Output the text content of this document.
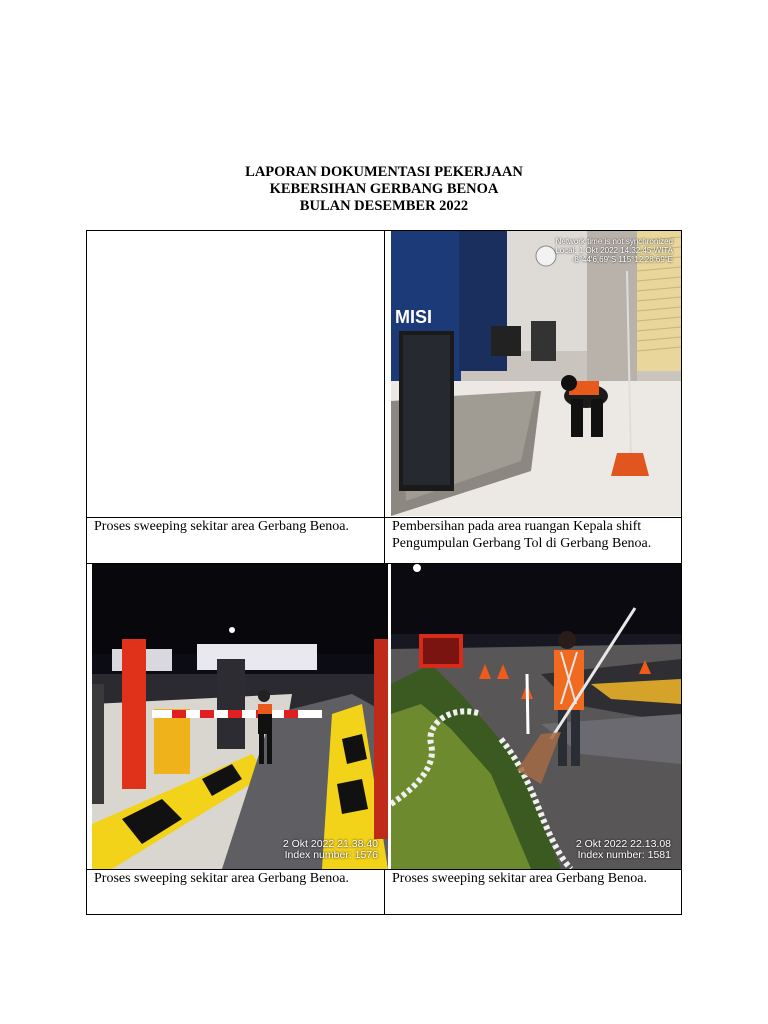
LAPORAN DOKUMENTASI PEKERJAAN
KEBERSIHAN GERBANG BENOA
BULAN DESEMBER 2022
Network time is not synchronized
Local: 1 Okt 2022 14.32.45 WITA
-8°44'6,69"S 115°12'28,69"E
MISI
Proses sweeping sekitar area Gerbang Benoa.	Pembersihan pada area ruangan Kepala shift
Pengumpulan Gerbang Tol di Gerbang Benoa.
2 Okt 2022 21.38.40
Index number: 1576
2 Okt 2022 22.13.08
Index number: 1581
Proses sweeping sekitar area Gerbang Benoa.	Proses sweeping sekitar area Gerbang Benoa.
